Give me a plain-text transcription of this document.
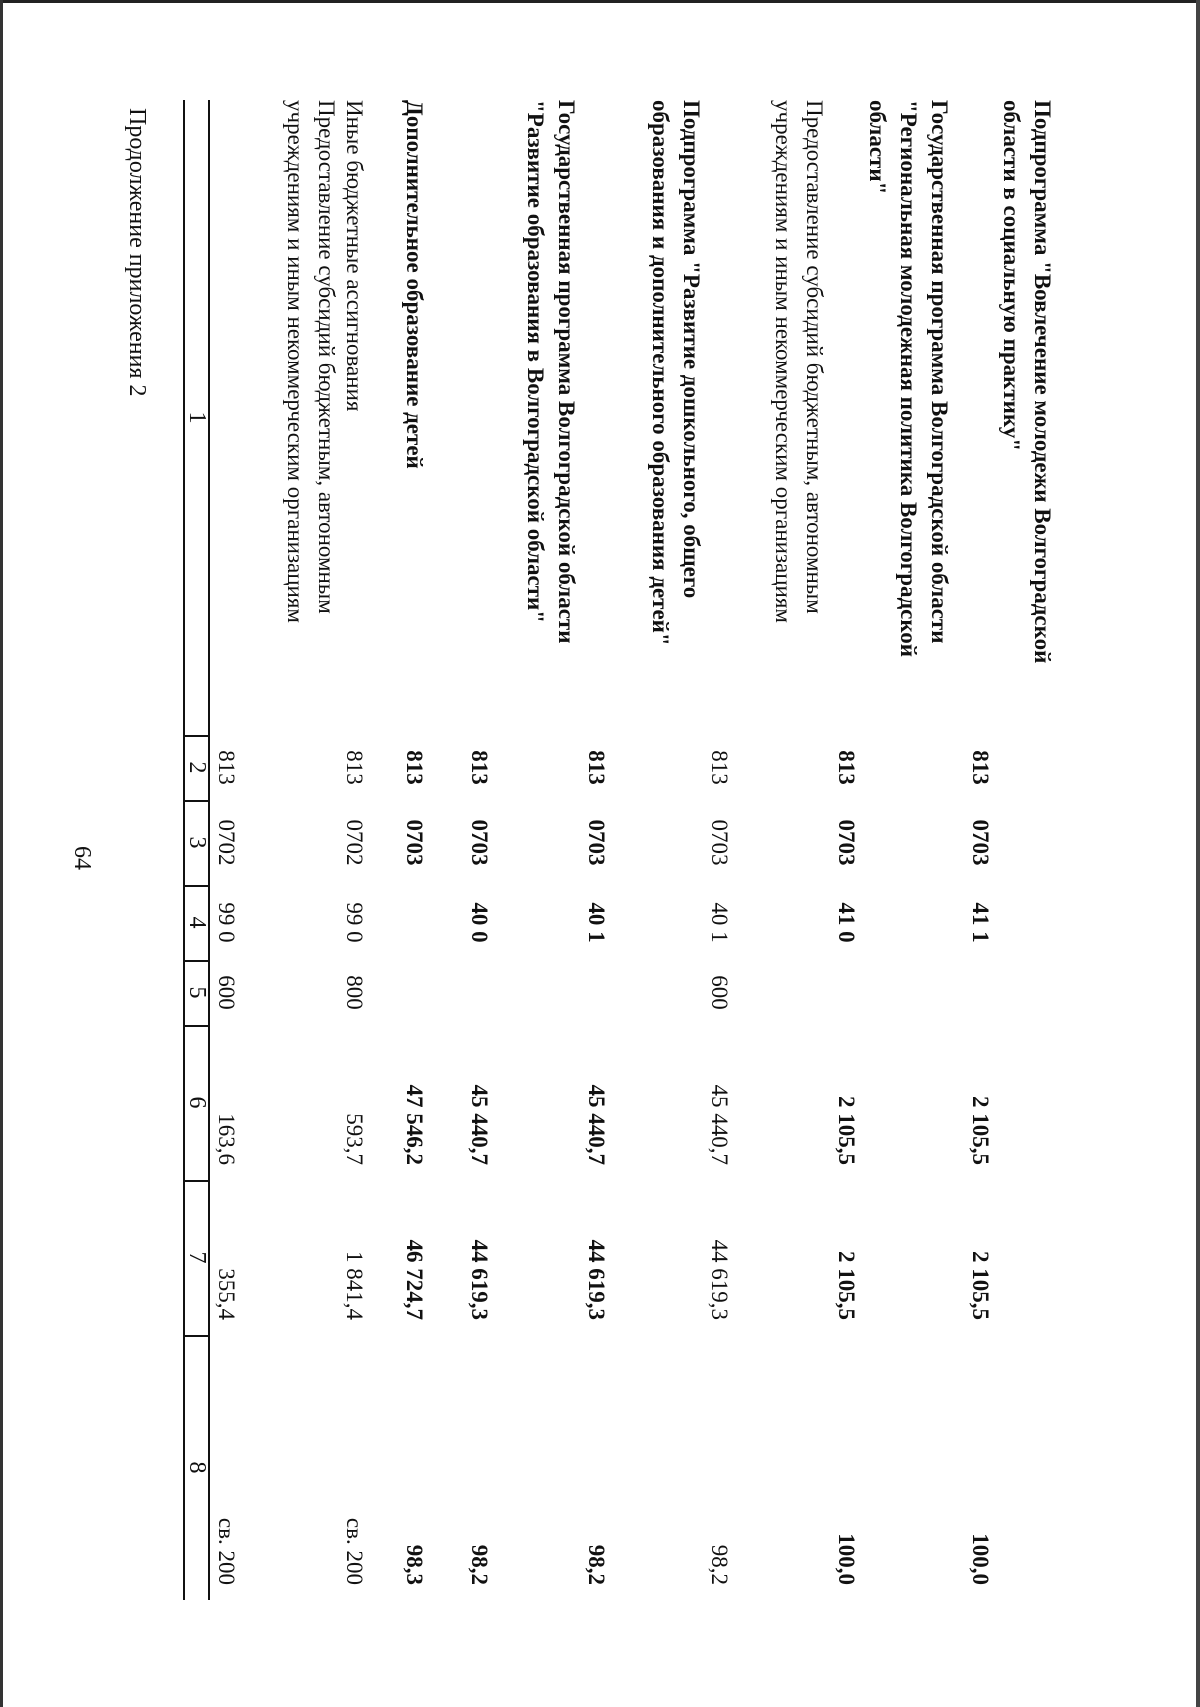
64
Продолжение приложения 2
1
2
3
4
5
6
7
8
Предоставление субсидий бюджетным, автономным учреждениям и иным некоммерческим организациям
813
0702
99 0
600
163,6
355,4
св. 200
Иные бюджетные ассигнования
813
0702
99 0
800
593,7
1 841,4
св. 200
Дополнительное образование детей
813
0703
47 546,2
46 724,7
98,3
Государственная программа Волгоградской области "Развитие образования в Волгоградской области"
813
0703
40 0
45 440,7
44 619,3
98,2
Подпрограмма "Развитие дошкольного, общего образования и дополнительного образования детей"
813
0703
40 1
45 440,7
44 619,3
98,2
Предоставление субсидий бюджетным, автономным учреждениям и иным некоммерческим организациям
813
0703
40 1
600
45 440,7
44 619,3
98,2
Государственная программа Волгоградской области "Региональная молодежная политика Волгоградской области"
813
0703
41 0
2 105,5
2 105,5
100,0
Подпрограмма "Вовлечение молодежи Волгоградской области в социальную практику"
813
0703
41 1
2 105,5
2 105,5
100,0
